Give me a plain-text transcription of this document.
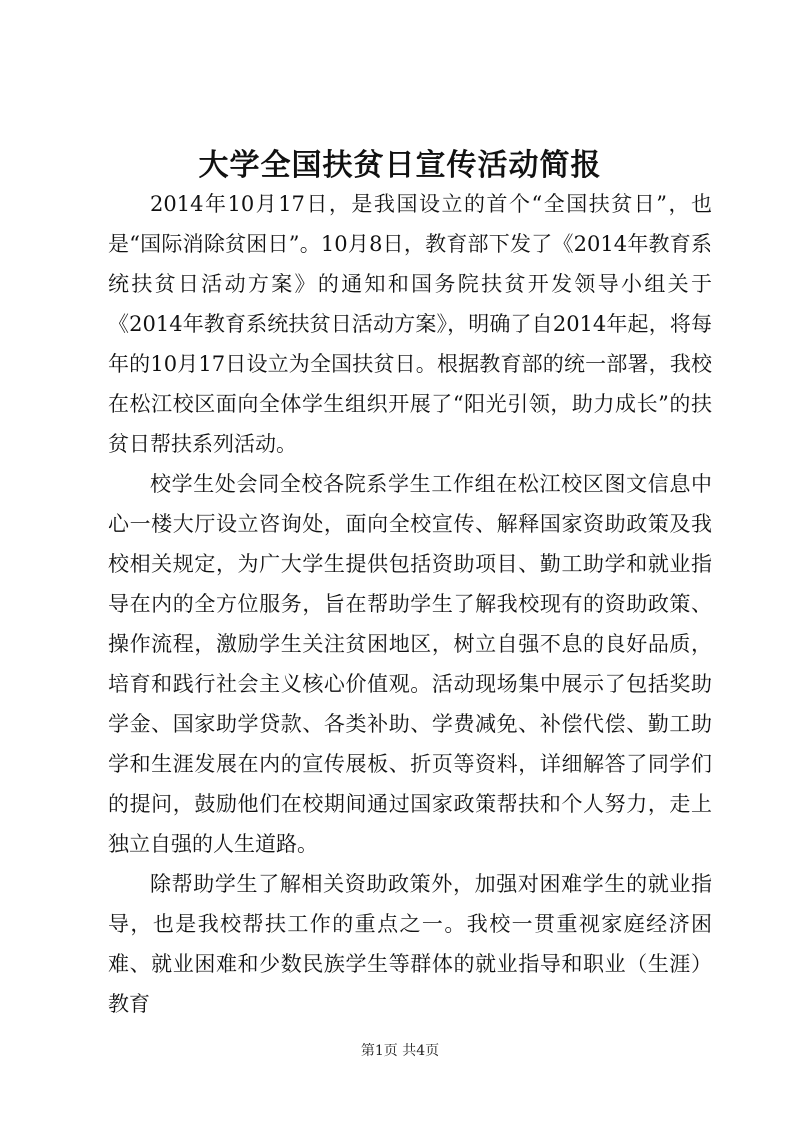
大学全国扶贫日宣传活动简报

2014年10月17日，是我国设立的首个“全国扶贫日”，也是“国际消除贫困日”。10月8日，教育部下发了《2014年教育系统扶贫日活动方案》的通知和国务院扶贫开发领导小组关于《2014年教育系统扶贫日活动方案》，明确了自2014年起，将每年的10月17日设立为全国扶贫日。根据教育部的统一部署，我校在松江校区面向全体学生组织开展了“阳光引领，助力成长”的扶贫日帮扶系列活动。

校学生处会同全校各院系学生工作组在松江校区图文信息中心一楼大厅设立咨询处，面向全校宣传、解释国家资助政策及我校相关规定，为广大学生提供包括资助项目、勤工助学和就业指导在内的全方位服务，旨在帮助学生了解我校现有的资助政策、操作流程，激励学生关注贫困地区，树立自强不息的良好品质，培育和践行社会主义核心价值观。活动现场集中展示了包括奖助学金、国家助学贷款、各类补助、学费减免、补偿代偿、勤工助学和生涯发展在内的宣传展板、折页等资料，详细解答了同学们的提问，鼓励他们在校期间通过国家政策帮扶和个人努力，走上独立自强的人生道路。

除帮助学生了解相关资助政策外，加强对困难学生的就业指导，也是我校帮扶工作的重点之一。我校一贯重视家庭经济困难、就业困难和少数民族学生等群体的就业指导和职业（生涯）教育

第1页 共4页
